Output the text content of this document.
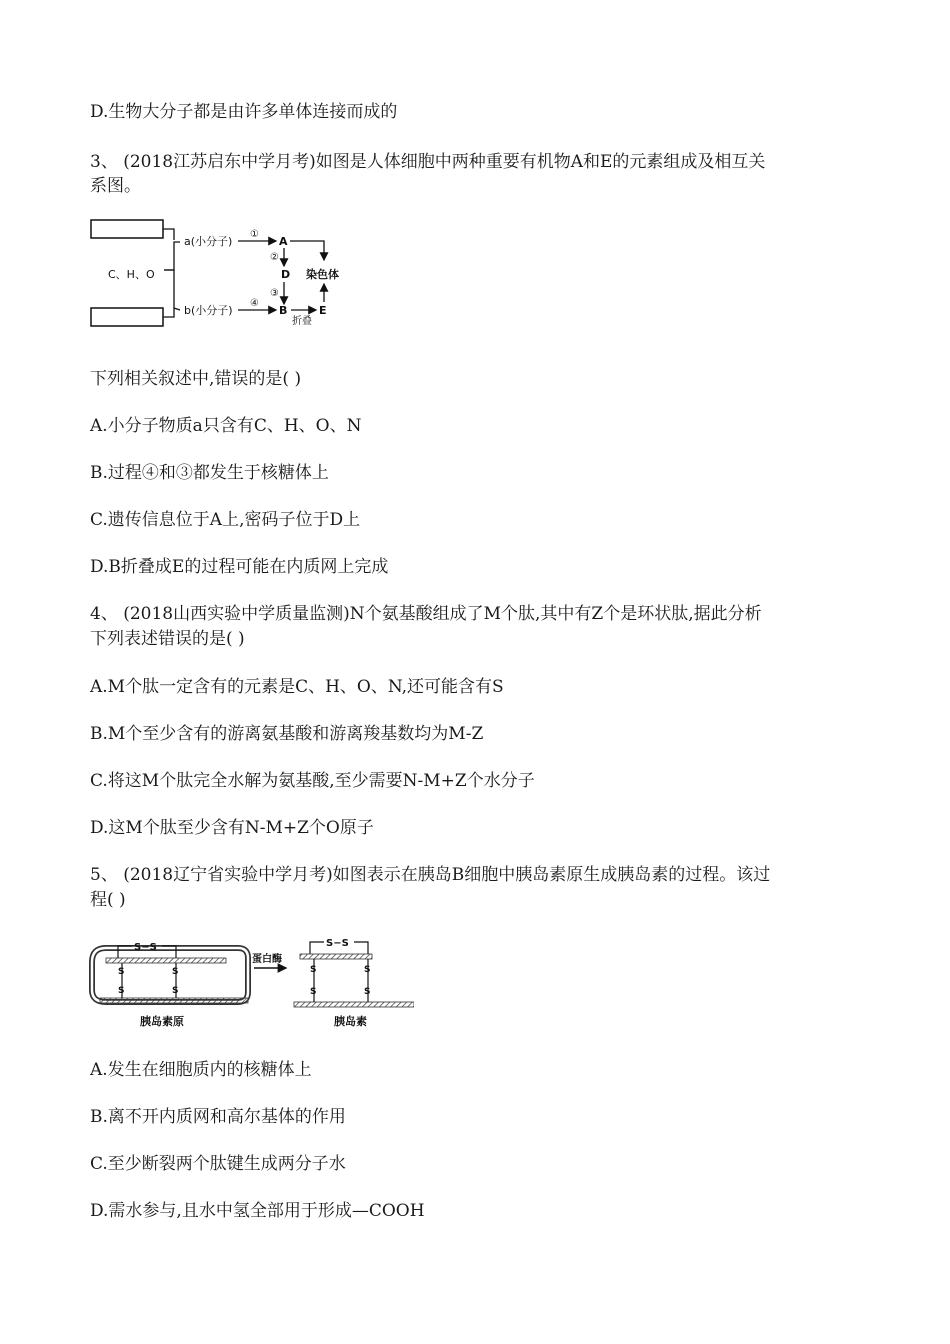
D.生物大分子都是由许多单体连接而成的
3、 (2018江苏启东中学月考)如图是人体细胞中两种重要有机物A和E的元素组成及相互关
系图。
C、H、O
a(小分子)
b(小分子)
①
A
②
D
③
染色体
④
B
折叠
E
下列相关叙述中,错误的是( )
A.小分子物质a只含有C、H、O、N
B.过程④和③都发生于核糖体上
C.遗传信息位于A上,密码子位于D上
D.B折叠成E的过程可能在内质网上完成
4、 (2018山西实验中学质量监测)N个氨基酸组成了M个肽,其中有Z个是环状肽,据此分析
下列表述错误的是( )
A.M个肽一定含有的元素是C、H、O、N,还可能含有S
B.M个至少含有的游离氨基酸和游离羧基数均为M-Z
C.将这M个肽完全水解为氨基酸,至少需要N-M+Z个水分子
D.这M个肽至少含有N-M+Z个O原子
5、 (2018辽宁省实验中学月考)如图表示在胰岛B细胞中胰岛素原生成胰岛素的过程。该过
程( )
S−S
S
S
S
S
胰岛素原
蛋白酶
S−S
S
S
S
S
胰岛素
A.发生在细胞质内的核糖体上
B.离不开内质网和高尔基体的作用
C.至少断裂两个肽键生成两分子水
D.需水参与,且水中氢全部用于形成—COOH
